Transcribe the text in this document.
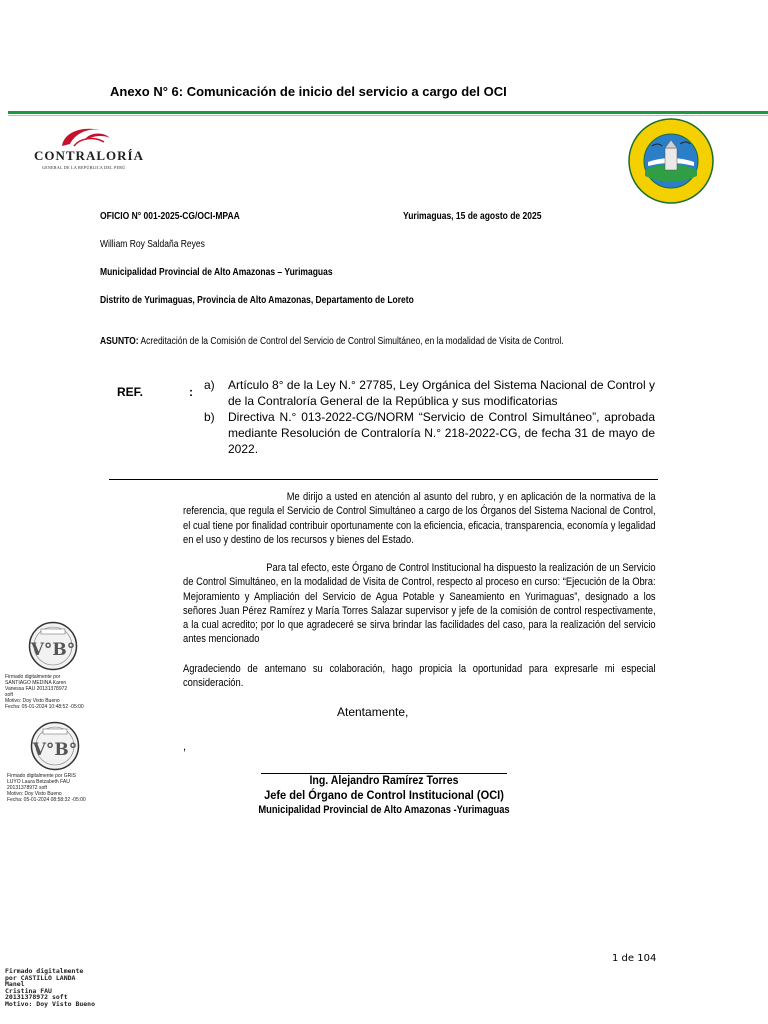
Anexo N° 6: Comunicación de inicio del servicio a cargo del OCI
CONTRALORÍA
GENERAL DE LA REPÚBLICA DEL PERÚ
OFICIO N° 001-2025-CG/OCI-MPAA	Yurimaguas, 15 de agosto de 2025
William Roy Saldaña Reyes
Municipalidad Provincial de Alto Amazonas – Yurimaguas
Distrito de Yurimaguas, Provincia de Alto Amazonas, Departamento de Loreto
ASUNTO: Acreditación de la Comisión de Control del Servicio de Control Simultáneo, en la modalidad de Visita de Control.
REF.	: a)	Artículo 8° de la Ley N.° 27785, Ley Orgánica del Sistema Nacional de Control y de la Contraloría General de la República y sus modificatorias
b)	Directiva N.° 013-2022-CG/NORM “Servicio de Control Simultáneo”, aprobada mediante Resolución de Contraloría N.° 218-2022-CG, de fecha 31 de mayo de 2022.
Me dirijo a usted en atención al asunto del rubro, y en aplicación de la normativa de la referencia, que regula el Servicio de Control Simultáneo a cargo de los Órganos del Sistema Nacional de Control, el cual tiene por finalidad contribuir oportunamente con la eficiencia, eficacia, transparencia, economía y legalidad en el uso y destino de los recursos y bienes del Estado.
Para tal efecto, este Órgano de Control Institucional ha dispuesto la realización de un Servicio de Control Simultáneo, en la modalidad de Visita de Control, respecto al proceso en curso: “Ejecución de la Obra: Mejoramiento y Ampliación del Servicio de Agua Potable y Saneamiento en Yurimaguas”, designado a los señores Juan Pérez Ramírez y María Torres Salazar supervisor y jefe de la comisión de control respectivamente, a la cual acredito; por lo que agradeceré se sirva brindar las facilidades del caso, para la realización del servicio antes mencionado
Agradeciendo de antemano su colaboración, hago propicia la oportunidad para expresarle mi especial consideración.
Atentamente,
,
Ing. Alejandro Ramírez Torres
Jefe del Órgano de Control Institucional (OCI)
Municipalidad Provincial de Alto Amazonas -Yurimaguas
V°B°
Firmado digitalmente por
SANTIAGO MEDINA Karen
Vanessa FAU 20131378972
soft
Motivo: Doy Visto Bueno
Fecha: 05-01-2024 10:48:52 -05:00
V°B°
Firmado digitalmente por GRIS
LUYO Laura Betzabeth FAU
20131378972 soft
Motivo: Doy Visto Bueno
Fecha: 05-01-2024 08:58:32 -05:00
1 de 104
Firmado digitalmente
por CASTILLO LANDA
Manel
Cristina FAU
20131378972 soft
Motivo: Doy Visto Bueno
